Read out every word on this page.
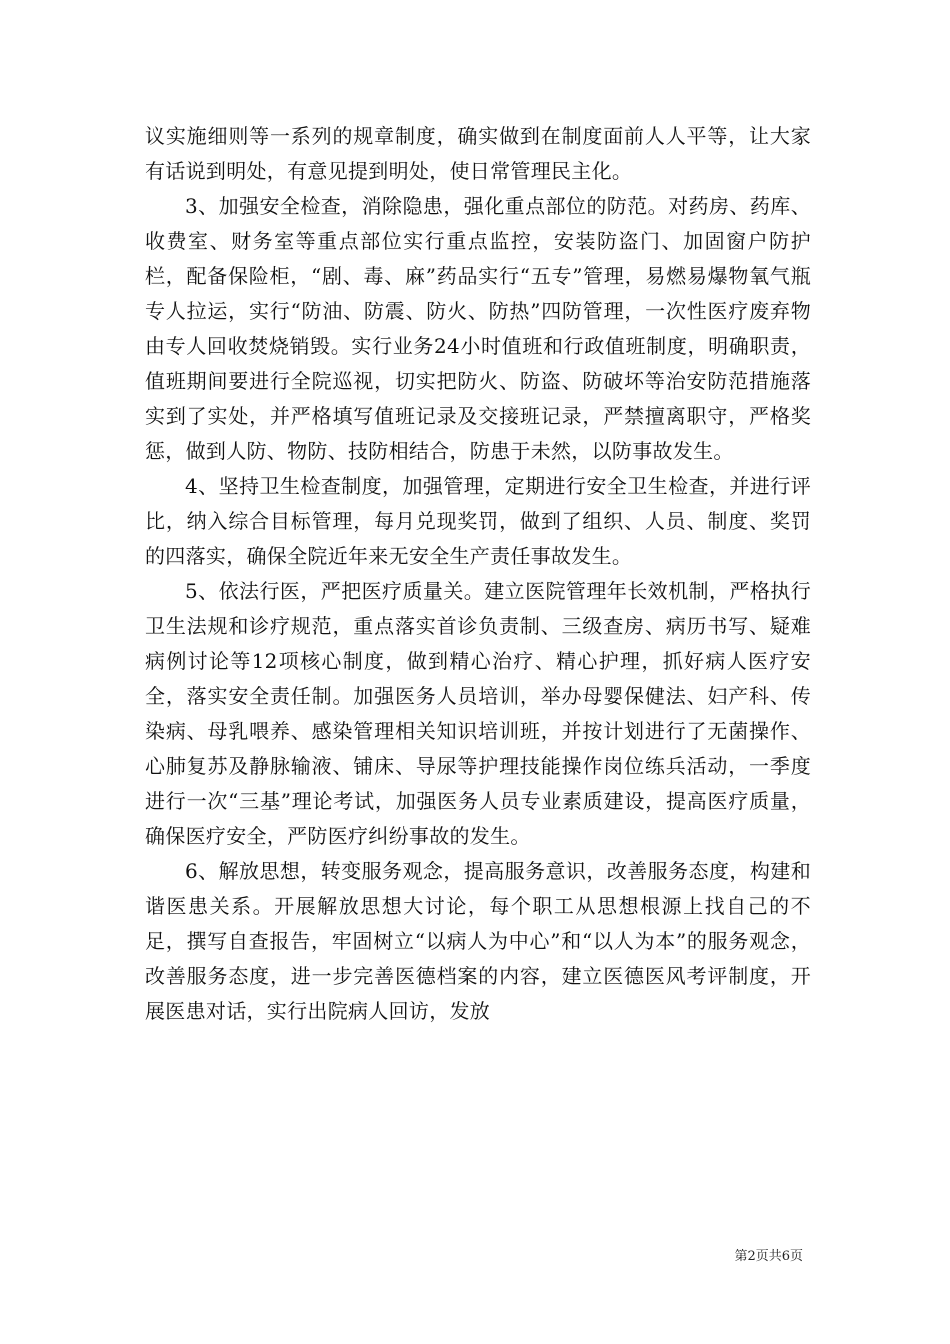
议实施细则等一系列的规章制度，确实做到在制度面前人人平等，让大家有话说到明处，有意见提到明处，使日常管理民主化。

3、加强安全检查，消除隐患，强化重点部位的防范。对药房、药库、收费室、财务室等重点部位实行重点监控，安装防盗门、加固窗户防护栏，配备保险柜，“剧、毒、麻”药品实行“五专”管理，易燃易爆物氧气瓶专人拉运，实行“防油、防震、防火、防热”四防管理，一次性医疗废弃物由专人回收焚烧销毁。实行业务24小时值班和行政值班制度，明确职责，值班期间要进行全院巡视，切实把防火、防盗、防破坏等治安防范措施落实到了实处，并严格填写值班记录及交接班记录，严禁擅离职守，严格奖惩，做到人防、物防、技防相结合，防患于未然，以防事故发生。

4、坚持卫生检查制度，加强管理，定期进行安全卫生检查，并进行评比，纳入综合目标管理，每月兑现奖罚，做到了组织、人员、制度、奖罚的四落实，确保全院近年来无安全生产责任事故发生。

5、依法行医，严把医疗质量关。建立医院管理年长效机制，严格执行卫生法规和诊疗规范，重点落实首诊负责制、三级查房、病历书写、疑难病例讨论等12项核心制度，做到精心治疗、精心护理，抓好病人医疗安全，落实安全责任制。加强医务人员培训，举办母婴保健法、妇产科、传染病、母乳喂养、感染管理相关知识培训班，并按计划进行了无菌操作、心肺复苏及静脉输液、铺床、导尿等护理技能操作岗位练兵活动，一季度进行一次“三基”理论考试，加强医务人员专业素质建设，提高医疗质量，确保医疗安全，严防医疗纠纷事故的发生。

6、解放思想，转变服务观念，提高服务意识，改善服务态度，构建和谐医患关系。开展解放思想大讨论，每个职工从思想根源上找自己的不足，撰写自查报告，牢固树立“以病人为中心”和“以人为本”的服务观念，改善服务态度，进一步完善医德档案的内容，建立医德医风考评制度，开展医患对话，实行出院病人回访，发放

第2页共6页
